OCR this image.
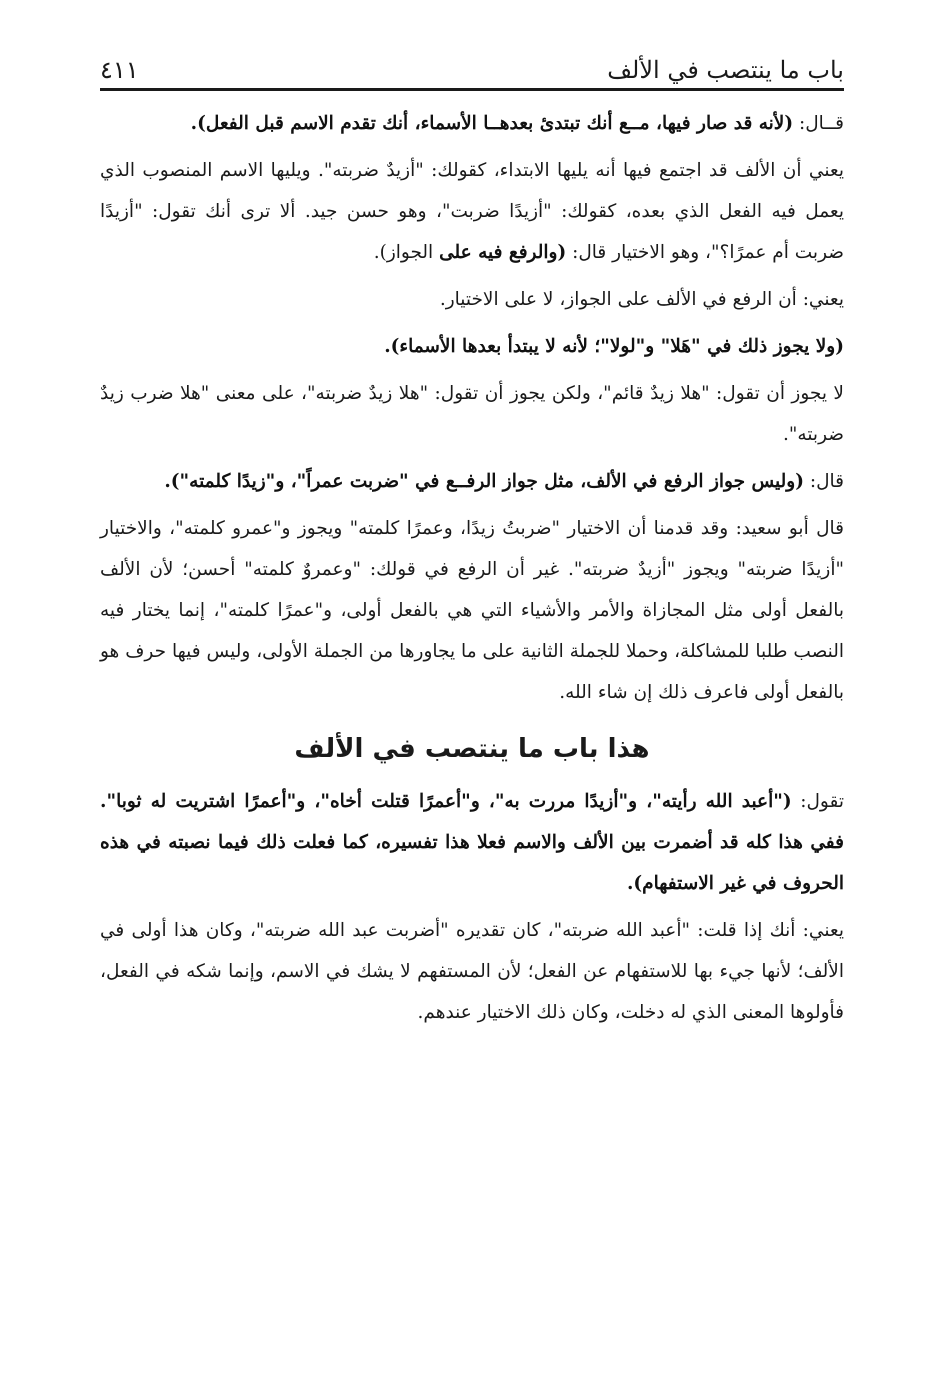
باب ما ينتصب في الألف
٤١١

قــال: (لأنه قد صار فيها، مــع أنك تبتدئ بعدهــا الأسماء، أنك تقدم الاسم قبل الفعل).

يعني أن الألف قد اجتمع فيها أنه يليها الابتداء، كقولك: "أزيدٌ ضربته". ويليها الاسم المنصوب الذي يعمل فيه الفعل الذي بعده، كقولك: "أزيدًا ضربت"، وهو حسن جيد. ألا ترى أنك تقول: "أزيدًا ضربت أم عمرًا؟"، وهو الاختيار قال: (والرفع فيه على الجواز).

يعني: أن الرفع في الألف على الجواز، لا على الاختيار.

(ولا يجوز ذلك في "هَلا" و"لولا"؛ لأنه لا يبتدأ بعدها الأسماء).

لا يجوز أن تقول: "هلا زيدٌ قائم"، ولكن يجوز أن تقول: "هلا زيدٌ ضربته"، على معنى "هلا ضرب زيدٌ ضربته".

قال: (وليس جواز الرفع في الألف، مثل جواز الرفــع في "ضربت عمراً"، و"زيدًا كلمته").

قال أبو سعيد: وقد قدمنا أن الاختيار "ضربتُ زيدًا، وعمرًا كلمته" ويجوز و"عمرو كلمته"، والاختيار "أزيدًا ضربته" ويجوز "أزيدٌ ضربته". غير أن الرفع في قولك: "وعمروٌ كلمته" أحسن؛ لأن الألف بالفعل أولى مثل المجازاة والأمر والأشياء التي هي بالفعل أولى، و"عمرًا كلمته"، إنما يختار فيه النصب طلبا للمشاكلة، وحملا للجملة الثانية على ما يجاورها من الجملة الأولى، وليس فيها حرف هو بالفعل أولى فاعرف ذلك إن شاء الله.

هذا باب ما ينتصب في الألف

تقول: ("أعبد الله رأيته"، و"أزيدًا مررت به"، و"أعمرًا قتلت أخاه"، و"أعمرًا اشتريت له ثوبا". ففي هذا كله قد أضمرت بين الألف والاسم فعلا هذا تفسيره، كما فعلت ذلك فيما نصبته في هذه الحروف في غير الاستفهام).

يعني: أنك إذا قلت: "أعبد الله ضربته"، كان تقديره "أضربت عبد الله ضربته"، وكان هذا أولى في الألف؛ لأنها جيء بها للاستفهام عن الفعل؛ لأن المستفهم لا يشك في الاسم، وإنما شكه في الفعل، فأولوها المعنى الذي له دخلت، وكان ذلك الاختيار عندهم.
